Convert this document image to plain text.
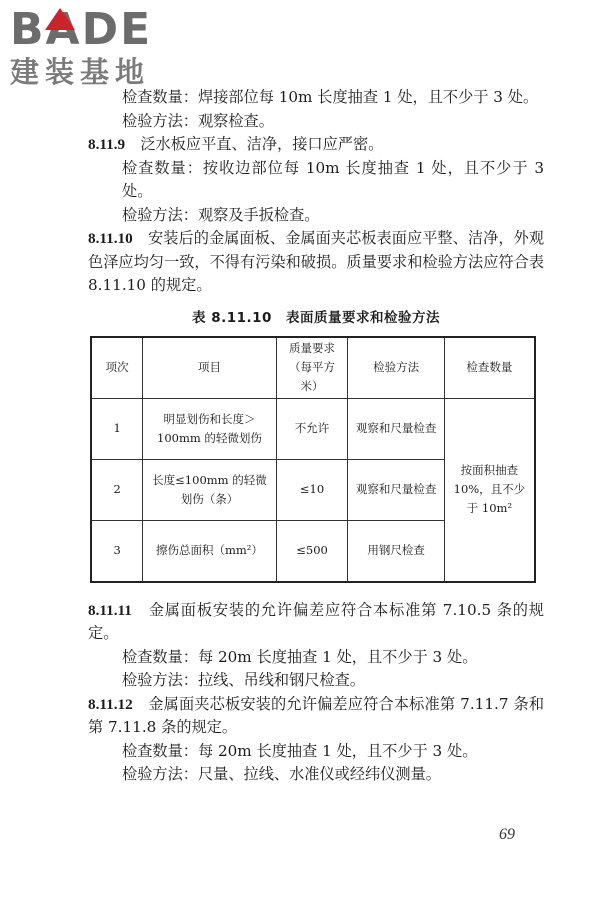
BADE
建装基地

检查数量：焊接部位每 10m 长度抽查 1 处，且不少于 3 处。

检验方法：观察检查。

8.11.9　 泛水板应平直、洁净，接口应严密。

检查数量：按收边部位每 10m 长度抽查 1 处，且不少于 3 处。

检验方法：观察及手扳检查。

8.11.10　 安装后的金属面板、金属面夹芯板表面应平整、洁净，外观色泽应均匀一致，不得有污染和破损。质量要求和检验方法应符合表 8.11.10 的规定。

表 8.11.10　表面质量要求和检验方法
项次	项目	质量要求（每平方米）	检验方法	检查数量
1	明显划伤和长度＞100mm 的轻微划伤	不允许	观察和尺量检查	按面积抽查 10%，且不少于 10m²
2	长度≤100mm 的轻微划伤（条）	≤10	观察和尺量检查	
3	擦伤总面积（mm²）	≤500	用钢尺检查	

8.11.11　 金属面板安装的允许偏差应符合本标准第 7.10.5 条的规定。

检查数量：每 20m 长度抽查 1 处，且不少于 3 处。

检验方法：拉线、吊线和钢尺检查。

8.11.12　 金属面夹芯板安装的允许偏差应符合本标准第 7.11.7 条和第 7.11.8 条的规定。

检查数量：每 20m 长度抽查 1 处，且不少于 3 处。

检验方法：尺量、拉线、水准仪或经纬仪测量。

69
